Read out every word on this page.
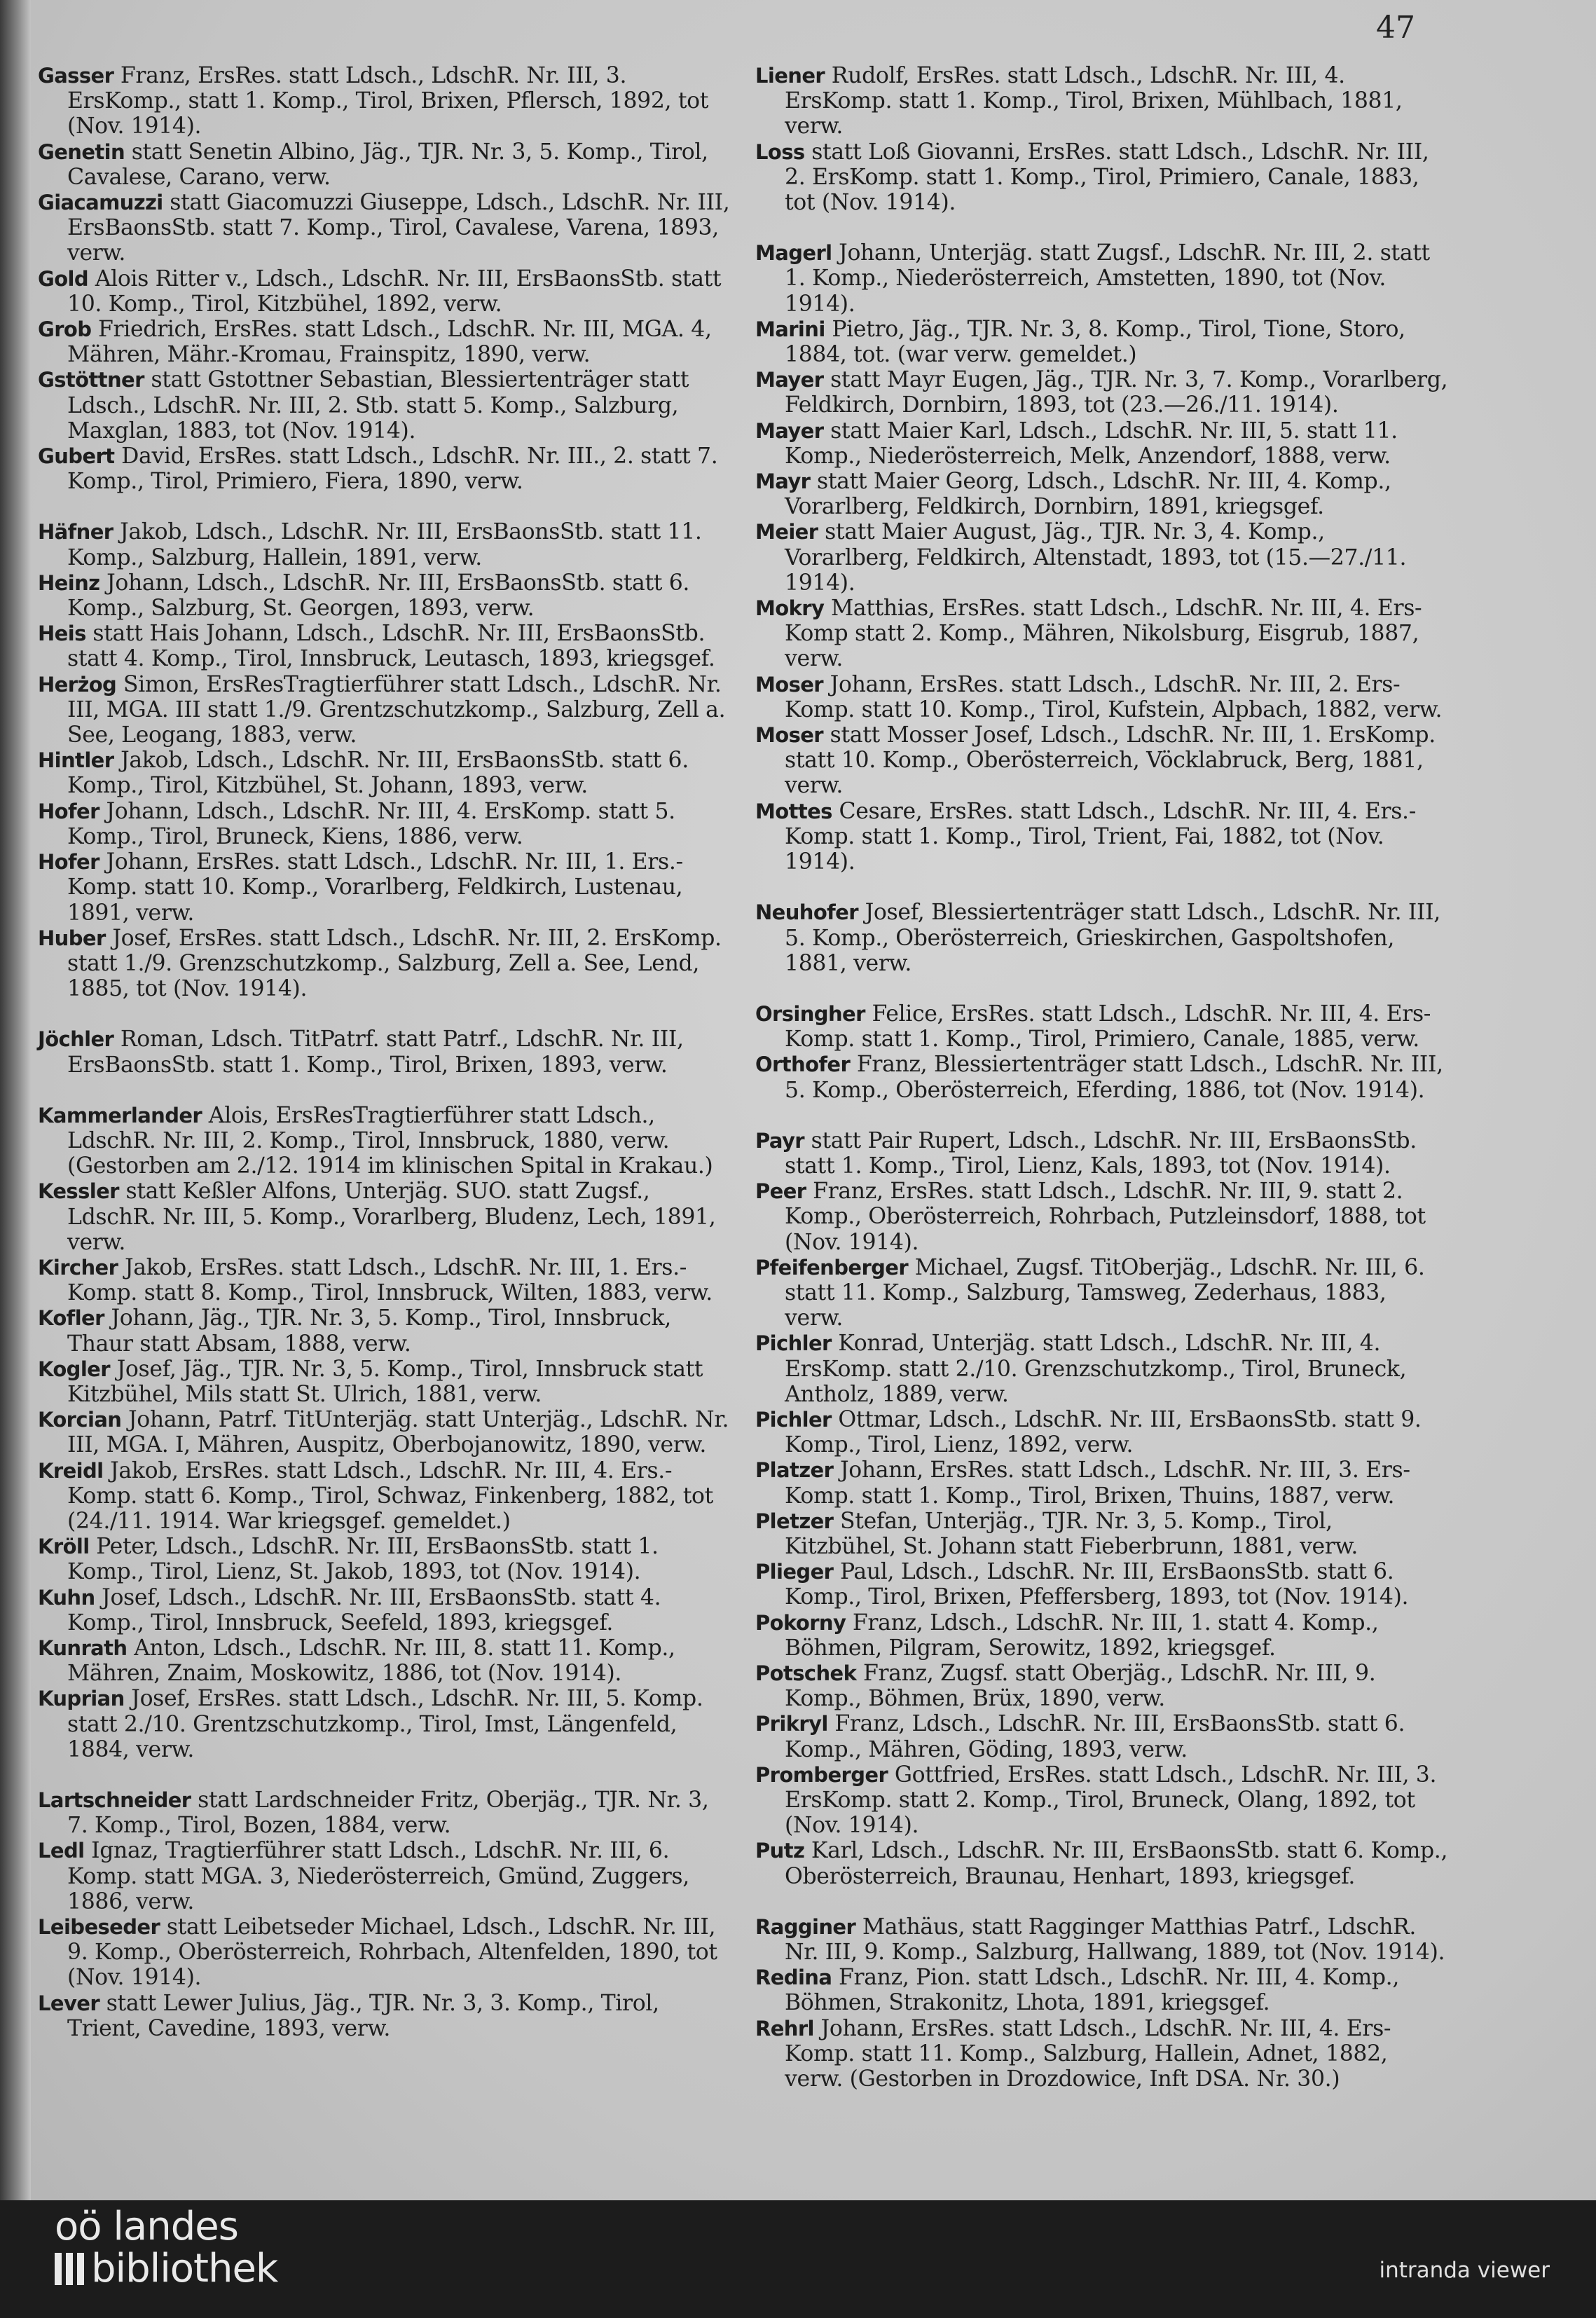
47
Gasser Franz, ErsRes. statt Ldsch., LdschR. Nr. III, 3. ErsKomp., statt 1. Komp., Tirol, Brixen, Pflersch, 1892, tot (Nov. 1914).
Genetin statt Senetin Albino, Jäg., TJR. Nr. 3, 5. Komp., Tirol, Cavalese, Carano, verw.
Giacamuzzi statt Giacomuzzi Giuseppe, Ldsch., LdschR. Nr. III, ErsBaonsStb. statt 7. Komp., Tirol, Cavalese, Varena, 1893, verw.
Gold Alois Ritter v., Ldsch., LdschR. Nr. III, ErsBaonsStb. statt 10. Komp., Tirol, Kitzbühel, 1892, verw.
Grob Friedrich, ErsRes. statt Ldsch., LdschR. Nr. III, MGA. 4, Mähren, Mähr.-Kromau, Frainspitz, 1890, verw.
Gstöttner statt Gstottner Sebastian, Blessiertenträger statt Ldsch., LdschR. Nr. III, 2. Stb. statt 5. Komp., Salzburg, Maxglan, 1883, tot (Nov. 1914).
Gubert David, ErsRes. statt Ldsch., LdschR. Nr. III., 2. statt 7. Komp., Tirol, Primiero, Fiera, 1890, verw.
Häfner Jakob, Ldsch., LdschR. Nr. III, ErsBaonsStb. statt 11. Komp., Salzburg, Hallein, 1891, verw.
Heinz Johann, Ldsch., LdschR. Nr. III, ErsBaonsStb. statt 6. Komp., Salzburg, St. Georgen, 1893, verw.
Heis statt Hais Johann, Ldsch., LdschR. Nr. III, ErsBaonsStb. statt 4. Komp., Tirol, Innsbruck, Leutasch, 1893, kriegsgef.
Herżog Simon, ErsResTragtierführer statt Ldsch., LdschR. Nr. III, MGA. III statt 1./9. Grentzschutzkomp., Salzburg, Zell a. See, Leogang, 1883, verw.
Hintler Jakob, Ldsch., LdschR. Nr. III, ErsBaonsStb. statt 6. Komp., Tirol, Kitzbühel, St. Johann, 1893, verw.
Hofer Johann, Ldsch., LdschR. Nr. III, 4. ErsKomp. statt 5. Komp., Tirol, Bruneck, Kiens, 1886, verw.
Hofer Johann, ErsRes. statt Ldsch., LdschR. Nr. III, 1. Ers.-Komp. statt 10. Komp., Vorarlberg, Feldkirch, Lustenau, 1891, verw.
Huber Josef, ErsRes. statt Ldsch., LdschR. Nr. III, 2. ErsKomp. statt 1./9. Grenzschutzkomp., Salzburg, Zell a. See, Lend, 1885, tot (Nov. 1914).
Jöchler Roman, Ldsch. TitPatrf. statt Patrf., LdschR. Nr. III, ErsBaonsStb. statt 1. Komp., Tirol, Brixen, 1893, verw.
Kammerlander Alois, ErsResTragtierführer statt Ldsch., LdschR. Nr. III, 2. Komp., Tirol, Innsbruck, 1880, verw. (Gestorben am 2./12. 1914 im klinischen Spital in Krakau.)
Kessler statt Keßler Alfons, Unterjäg. SUO. statt Zugsf., LdschR. Nr. III, 5. Komp., Vorarlberg, Bludenz, Lech, 1891, verw.
Kircher Jakob, ErsRes. statt Ldsch., LdschR. Nr. III, 1. Ers.-Komp. statt 8. Komp., Tirol, Innsbruck, Wilten, 1883, verw.
Kofler Johann, Jäg., TJR. Nr. 3, 5. Komp., Tirol, Innsbruck, Thaur statt Absam, 1888, verw.
Kogler Josef, Jäg., TJR. Nr. 3, 5. Komp., Tirol, Innsbruck statt Kitzbühel, Mils statt St. Ulrich, 1881, verw.
Korcian Johann, Patrf. TitUnterjäg. statt Unterjäg., LdschR. Nr. III, MGA. I, Mähren, Auspitz, Oberbojanowitz, 1890, verw.
Kreidl Jakob, ErsRes. statt Ldsch., LdschR. Nr. III, 4. Ers.-Komp. statt 6. Komp., Tirol, Schwaz, Finkenberg, 1882, tot (24./11. 1914. War kriegsgef. gemeldet.)
Kröll Peter, Ldsch., LdschR. Nr. III, ErsBaonsStb. statt 1. Komp., Tirol, Lienz, St. Jakob, 1893, tot (Nov. 1914).
Kuhn Josef, Ldsch., LdschR. Nr. III, ErsBaonsStb. statt 4. Komp., Tirol, Innsbruck, Seefeld, 1893, kriegsgef.
Kunrath Anton, Ldsch., LdschR. Nr. III, 8. statt 11. Komp., Mähren, Znaim, Moskowitz, 1886, tot (Nov. 1914).
Kuprian Josef, ErsRes. statt Ldsch., LdschR. Nr. III, 5. Komp. statt 2./10. Grentzschutzkomp., Tirol, Imst, Längenfeld, 1884, verw.
Lartschneider statt Lardschneider Fritz, Oberjäg., TJR. Nr. 3, 7. Komp., Tirol, Bozen, 1884, verw.
Ledl Ignaz, Tragtierführer statt Ldsch., LdschR. Nr. III, 6. Komp. statt MGA. 3, Niederösterreich, Gmünd, Zuggers, 1886, verw.
Leibeseder statt Leibetseder Michael, Ldsch., LdschR. Nr. III, 9. Komp., Oberösterreich, Rohrbach, Altenfelden, 1890, tot (Nov. 1914).
Lever statt Lewer Julius, Jäg., TJR. Nr. 3, 3. Komp., Tirol, Trient, Cavedine, 1893, verw.
Liener Rudolf, ErsRes. statt Ldsch., LdschR. Nr. III, 4. ErsKomp. statt 1. Komp., Tirol, Brixen, Mühlbach, 1881, verw.
Loss statt Loß Giovanni, ErsRes. statt Ldsch., LdschR. Nr. III, 2. ErsKomp. statt 1. Komp., Tirol, Primiero, Canale, 1883, tot (Nov. 1914).
Magerl Johann, Unterjäg. statt Zugsf., LdschR. Nr. III, 2. statt 1. Komp., Niederösterreich, Amstetten, 1890, tot (Nov. 1914).
Marini Pietro, Jäg., TJR. Nr. 3, 8. Komp., Tirol, Tione, Storo, 1884, tot. (war verw. gemeldet.)
Mayer statt Mayr Eugen, Jäg., TJR. Nr. 3, 7. Komp., Vorarlberg, Feldkirch, Dornbirn, 1893, tot (23.—26./11. 1914).
Mayer statt Maier Karl, Ldsch., LdschR. Nr. III, 5. statt 11. Komp., Niederösterreich, Melk, Anzendorf, 1888, verw.
Mayr statt Maier Georg, Ldsch., LdschR. Nr. III, 4. Komp., Vorarlberg, Feldkirch, Dornbirn, 1891, kriegsgef.
Meier statt Maier August, Jäg., TJR. Nr. 3, 4. Komp., Vorarlberg, Feldkirch, Altenstadt, 1893, tot (15.—27./11. 1914).
Mokry Matthias, ErsRes. statt Ldsch., LdschR. Nr. III, 4. Ers-Komp statt 2. Komp., Mähren, Nikolsburg, Eisgrub, 1887, verw.
Moser Johann, ErsRes. statt Ldsch., LdschR. Nr. III, 2. Ers-Komp. statt 10. Komp., Tirol, Kufstein, Alpbach, 1882, verw.
Moser statt Mosser Josef, Ldsch., LdschR. Nr. III, 1. ErsKomp. statt 10. Komp., Oberösterreich, Vöcklabruck, Berg, 1881, verw.
Mottes Cesare, ErsRes. statt Ldsch., LdschR. Nr. III, 4. Ers.-Komp. statt 1. Komp., Tirol, Trient, Fai, 1882, tot (Nov. 1914).
Neuhofer Josef, Blessiertenträger statt Ldsch., LdschR. Nr. III, 5. Komp., Oberösterreich, Grieskirchen, Gaspoltshofen, 1881, verw.
Orsingher Felice, ErsRes. statt Ldsch., LdschR. Nr. III, 4. Ers-Komp. statt 1. Komp., Tirol, Primiero, Canale, 1885, verw.
Orthofer Franz, Blessiertenträger statt Ldsch., LdschR. Nr. III, 5. Komp., Oberösterreich, Eferding, 1886, tot (Nov. 1914).
Payr statt Pair Rupert, Ldsch., LdschR. Nr. III, ErsBaonsStb. statt 1. Komp., Tirol, Lienz, Kals, 1893, tot (Nov. 1914).
Peer Franz, ErsRes. statt Ldsch., LdschR. Nr. III, 9. statt 2. Komp., Oberösterreich, Rohrbach, Putzleinsdorf, 1888, tot (Nov. 1914).
Pfeifenberger Michael, Zugsf. TitOberjäg., LdschR. Nr. III, 6. statt 11. Komp., Salzburg, Tamsweg, Zederhaus, 1883, verw.
Pichler Konrad, Unterjäg. statt Ldsch., LdschR. Nr. III, 4. ErsKomp. statt 2./10. Grenzschutzkomp., Tirol, Bruneck, Antholz, 1889, verw.
Pichler Ottmar, Ldsch., LdschR. Nr. III, ErsBaonsStb. statt 9. Komp., Tirol, Lienz, 1892, verw.
Platzer Johann, ErsRes. statt Ldsch., LdschR. Nr. III, 3. Ers-Komp. statt 1. Komp., Tirol, Brixen, Thuins, 1887, verw.
Pletzer Stefan, Unterjäg., TJR. Nr. 3, 5. Komp., Tirol, Kitzbühel, St. Johann statt Fieberbrunn, 1881, verw.
Plieger Paul, Ldsch., LdschR. Nr. III, ErsBaonsStb. statt 6. Komp., Tirol, Brixen, Pfeffersberg, 1893, tot (Nov. 1914).
Pokorny Franz, Ldsch., LdschR. Nr. III, 1. statt 4. Komp., Böhmen, Pilgram, Serowitz, 1892, kriegsgef.
Potschek Franz, Zugsf. statt Oberjäg., LdschR. Nr. III, 9. Komp., Böhmen, Brüx, 1890, verw.
Prikryl Franz, Ldsch., LdschR. Nr. III, ErsBaonsStb. statt 6. Komp., Mähren, Göding, 1893, verw.
Promberger Gottfried, ErsRes. statt Ldsch., LdschR. Nr. III, 3. ErsKomp. statt 2. Komp., Tirol, Bruneck, Olang, 1892, tot (Nov. 1914).
Putz Karl, Ldsch., LdschR. Nr. III, ErsBaonsStb. statt 6. Komp., Oberösterreich, Braunau, Henhart, 1893, kriegsgef.
Ragginer Mathäus, statt Ragginger Matthias Patrf., LdschR. Nr. III, 9. Komp., Salzburg, Hallwang, 1889, tot (Nov. 1914).
Redina Franz, Pion. statt Ldsch., LdschR. Nr. III, 4. Komp., Böhmen, Strakonitz, Lhota, 1891, kriegsgef.
Rehrl Johann, ErsRes. statt Ldsch., LdschR. Nr. III, 4. Ers-Komp. statt 11. Komp., Salzburg, Hallein, Adnet, 1882, verw. (Gestorben in Drozdowice, Inft DSA. Nr. 30.)
oö landes
bibliothek	intranda viewer
